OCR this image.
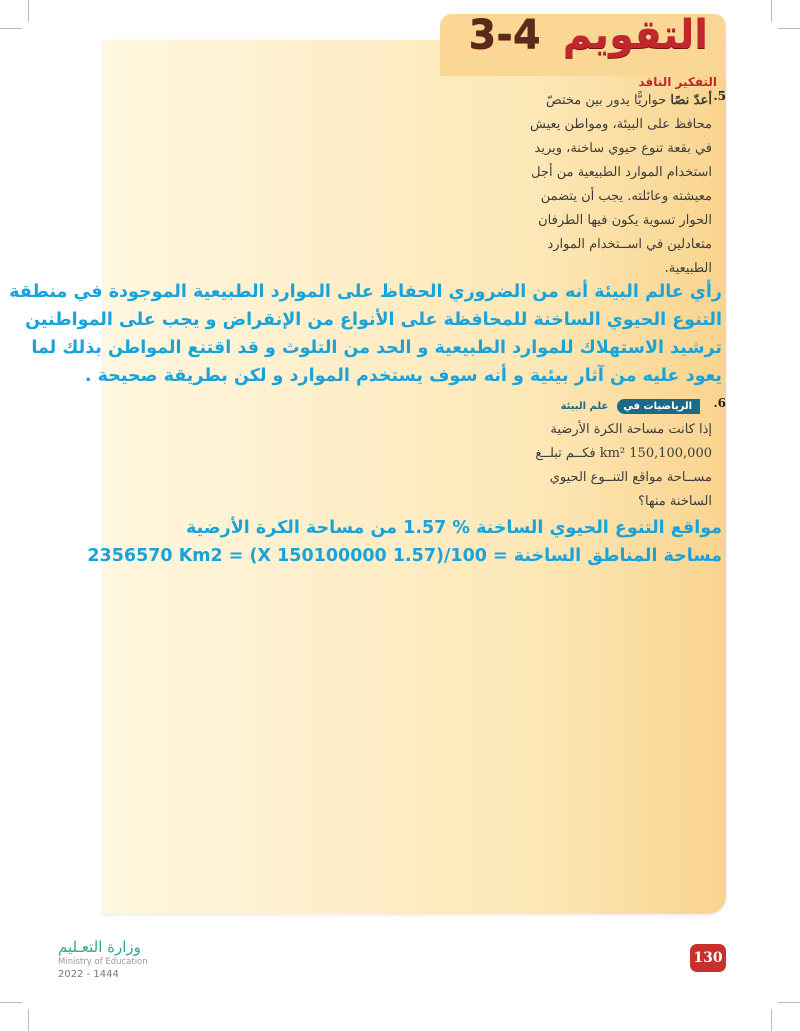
التقويم 4-3
التفكير الناقد
5.
أعدّ نصًا حواريًّا يدور بين مختصّ
محافظ على البيئة، ومواطن يعيش
في بقعة تنوع حيوي ساخنة، ويريد
استخدام الموارد الطبيعية من أجل
معيشته وعائلته. يجب أن يتضمن
الحوار تسوية يكون فيها الطرفان
متعادلين في اســتخدام الموارد
الطبيعية.
رأي عالم البيئة أنه من الضروري الحفاظ على الموارد الطبيعية الموجودة في منطقة
التنوع الحيوي الساخنة للمحافظة على الأنواع من الإنقراض و يجب على المواطنين
ترشيد الاستهلاك للموارد الطبيعية و الحد من التلوث و قد اقتنع المواطن بذلك لما
يعود عليه من آثار بيئية و أنه سوف يستخدم الموارد و لكن بطريقة صحيحة .
6.
الرياضيات في علم البيئة
إذا كانت مساحة الكرة الأرضية
150,100,000 km² فكــم تبلــغ
مســاحة مواقع التنــوع الحيوي
الساخنة منها؟
مواقع التنوع الحيوي الساخنة % 1.57 من مساحة الكرة الأرضية
مساحة المناطق الساخنة = 100/(1.57 X 150100000) = 2356570 Km2
وزارة التعـليم
Ministry of Education
2022 - 1444
130
